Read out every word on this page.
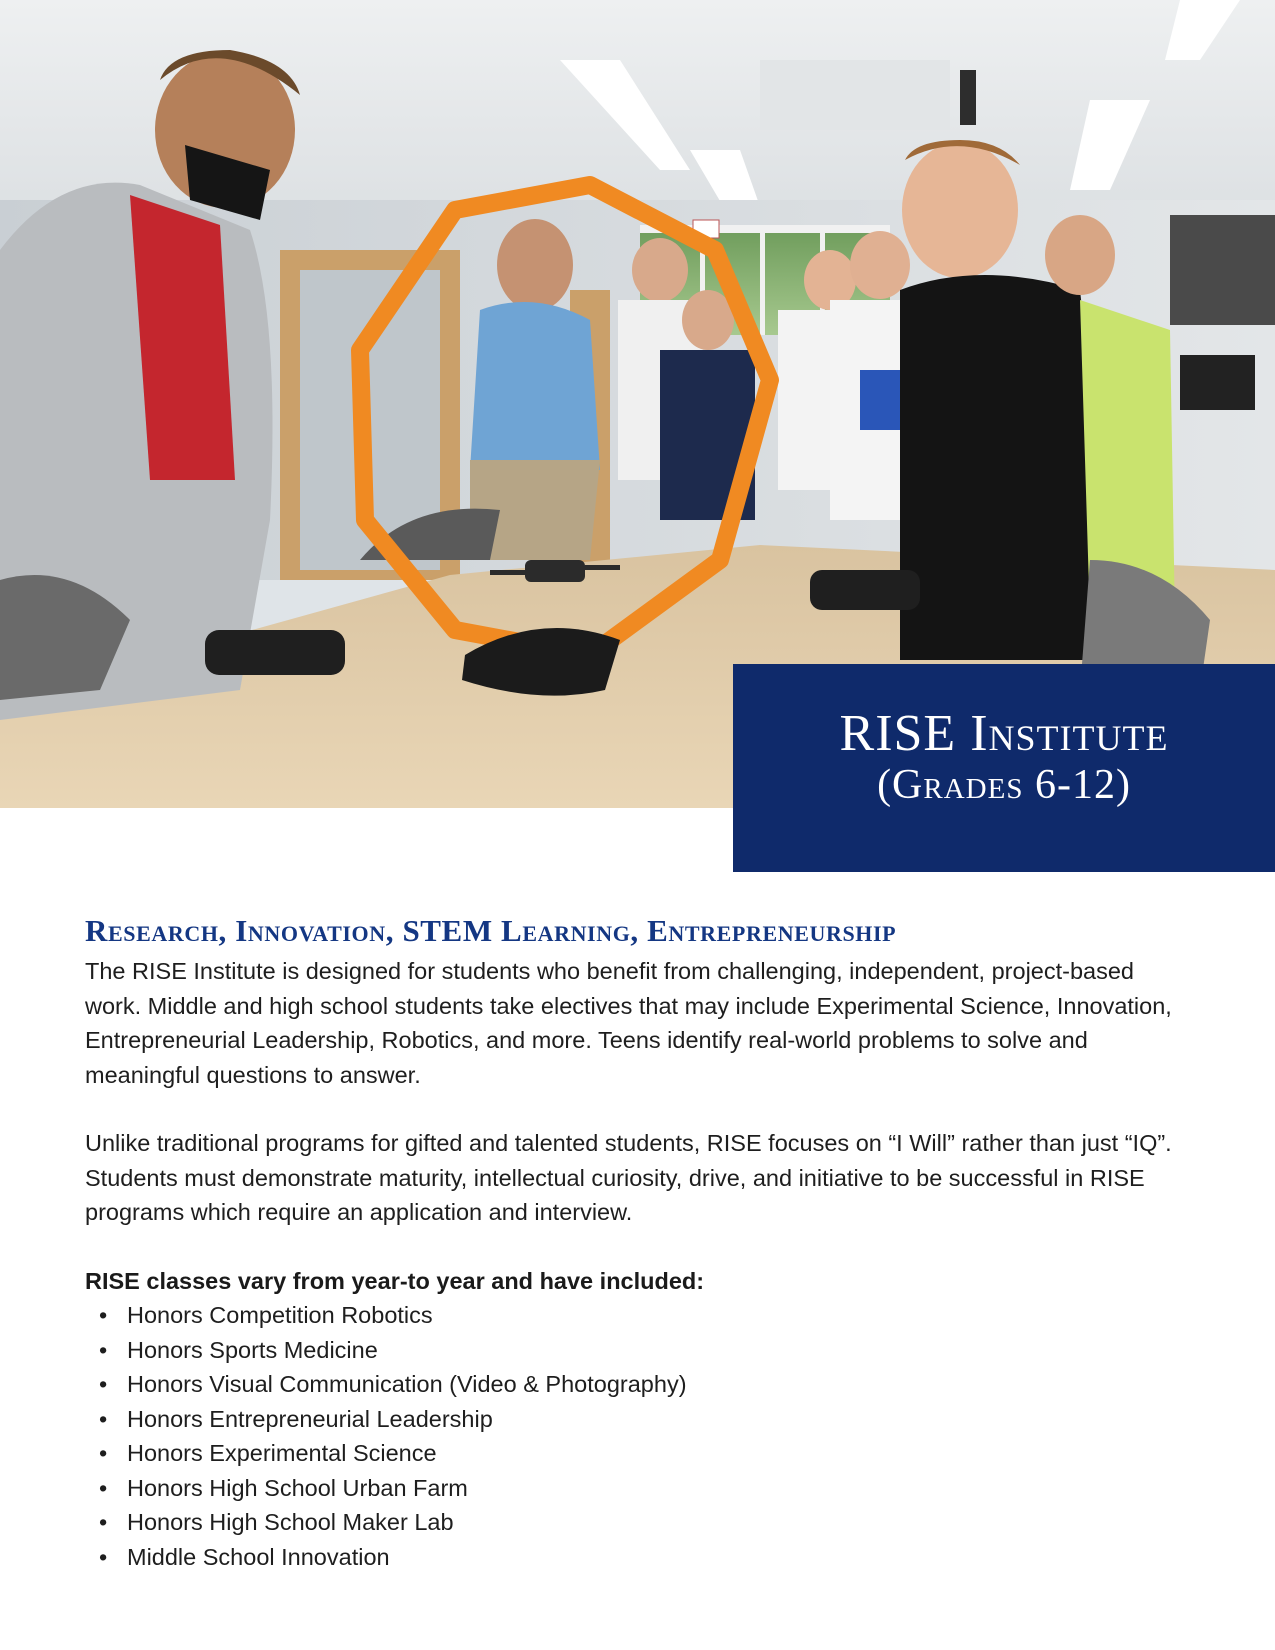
RISE Institute
(Grades 6-12)
Research, Innovation, STEM Learning, Entrepreneurship

The RISE Institute is designed for students who benefit from challenging, independent, project-based work. Middle and high school students take electives that may include Experimental Science, Innovation, Entrepreneurial Leadership, Robotics, and more. Teens identify real-world problems to solve and meaningful questions to answer.

Unlike traditional programs for gifted and talented students, RISE focuses on “I Will” rather than just “IQ”. Students must demonstrate maturity, intellectual curiosity, drive, and initiative to be successful in RISE programs which require an application and interview.

RISE classes vary from year-to year and have included:

• Honors Competition Robotics
• Honors Sports Medicine
• Honors Visual Communication (Video & Photography)
• Honors Entrepreneurial Leadership
• Honors Experimental Science
• Honors High School Urban Farm
• Honors High School Maker Lab
• Middle School Innovation
